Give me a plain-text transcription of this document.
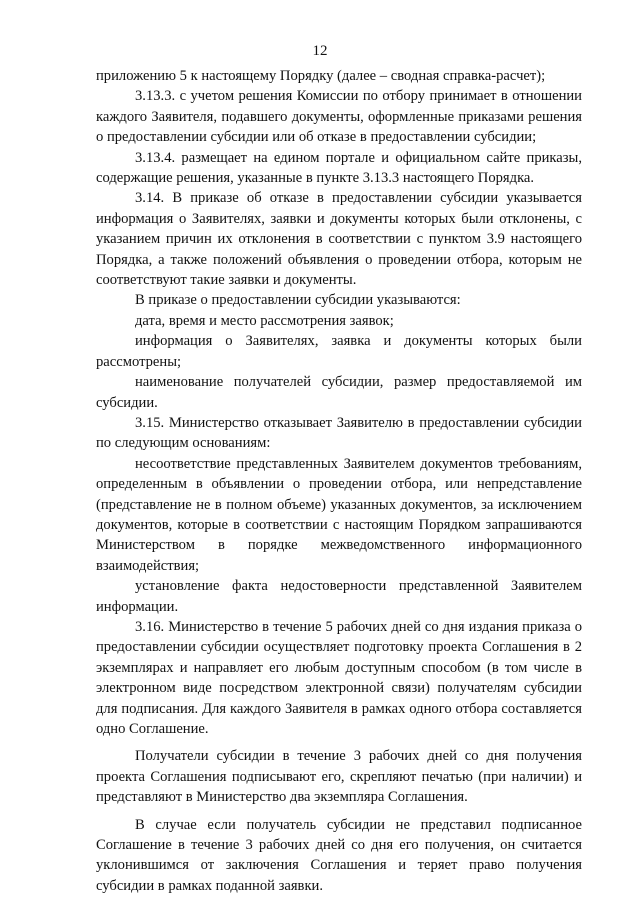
12

приложению 5 к настоящему Порядку (далее – сводная справка-расчет);

3.13.3. с учетом решения Комиссии по отбору принимает в отношении каждого Заявителя, подавшего документы, оформленные приказами решения о предоставлении субсидии или об отказе в предоставлении субсидии;

3.13.4. размещает на едином портале и официальном сайте приказы, содержащие решения, указанные в пункте 3.13.3 настоящего Порядка.

3.14. В приказе об отказе в предоставлении субсидии указывается информация о Заявителях, заявки и документы которых были отклонены, с указанием причин их отклонения в соответствии с пунктом 3.9 настоящего Порядка, а также положений объявления о проведении отбора, которым не соответствуют такие заявки и документы.

В приказе о предоставлении субсидии указываются:

дата, время и место рассмотрения заявок;

информация о Заявителях, заявка и документы которых были рассмотрены;

наименование получателей субсидии, размер предоставляемой им субсидии.

3.15. Министерство отказывает Заявителю в предоставлении субсидии по следующим основаниям:

несоответствие представленных Заявителем документов требованиям, определенным в объявлении о проведении отбора, или непредставление (представление не в полном объеме) указанных документов, за исключением документов, которые в соответствии с настоящим Порядком запрашиваются Министерством в порядке межведомственного информационного взаимодействия;

установление факта недостоверности представленной Заявителем информации.

3.16. Министерство в течение 5 рабочих дней со дня издания приказа о предоставлении субсидии осуществляет подготовку проекта Соглашения в 2 экземплярах и направляет его любым доступным способом (в том числе в электронном виде посредством электронной связи) получателям субсидии для подписания. Для каждого Заявителя в рамках одного отбора составляется одно Соглашение.

Получатели субсидии в течение 3 рабочих дней со дня получения проекта Соглашения подписывают его, скрепляют печатью (при наличии) и представляют в Министерство два экземпляра Соглашения.

В случае если получатель субсидии не представил подписанное Соглашение в течение 3 рабочих дней со дня его получения, он считается уклонившимся от заключения Соглашения и теряет право получения субсидии в рамках поданной заявки.
